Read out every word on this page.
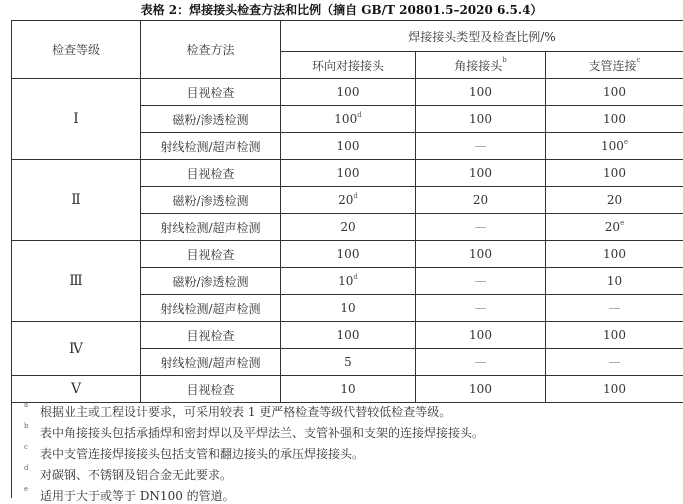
表格 2：焊接接头检查方法和比例（摘自 GB/T 20801.5–2020 6.5.4）
检查等级	检查方法	焊接接头类型及检查比例/%		
		环向对接接头	角接接头$^b$	支管连接$^c$
Ⅰ	目视检查	100	100	100
	磁粉/渗透检测	100$^d$	100	100
	射线检测/超声检测	100	—	100e
Ⅱ	目视检查	100	100	100
	磁粉/渗透检测	20$^d$	20	20
	射线检测/超声检测	20	—	20e
Ⅲ	目视检查	100	100	100
	磁粉/渗透检测	10$^d$	—	10
	射线检测/超声检测	10	—	—
Ⅳ	目视检查	100	100	100
	射线检测/超声检测	5	—	—
Ⅴ	目视检查	10	100	100
a 根据业主或工程设计要求，可采用较表 1 更严格检查等级代替较低检查等级。
b 表中角接接头包括承插焊和密封焊以及平焊法兰、支管补强和支架的连接焊接接头。
c 表中支管连接焊接接头包括支管和翻边接头的承压焊接接头。
d 对碳钢、不锈钢及铝合金无此要求。
e 适用于大于或等于 DN100 的管道。
